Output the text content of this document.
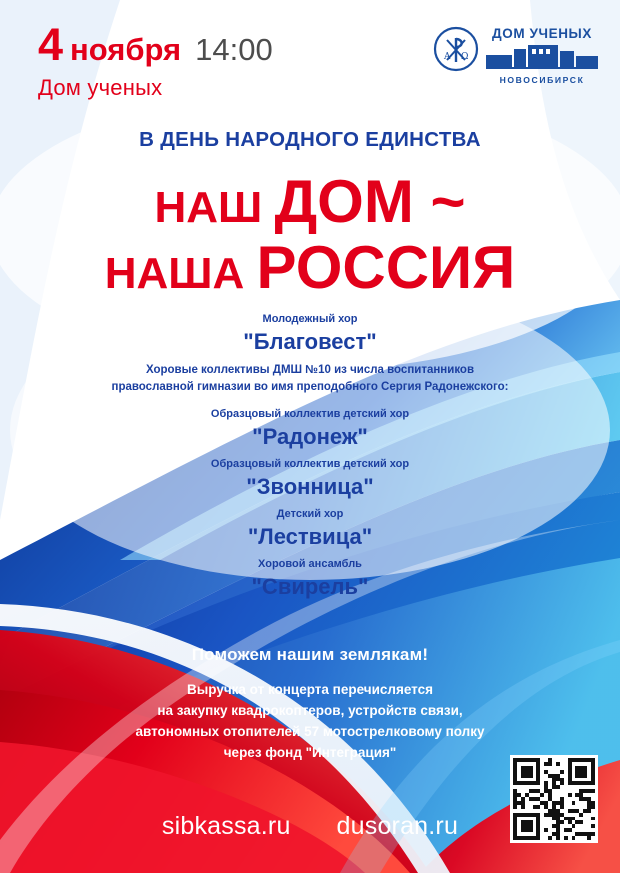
4 ноября 14:00
Дом ученых
A Ω
ДОМ УЧЕНЫХ
НОВОСИБИРСК
В ДЕНЬ НАРОДНОГО ЕДИНСТВА
НАШ ДОМ ~
НАША РОССИЯ

Молодежный хор

"Благовест"

Хоровые коллективы ДМШ №10 из числа воспитанников
православной гимназии во имя преподобного Сергия Радонежского:

Образцовый коллектив детский хор

"Радонеж"

Образцовый коллектив детский хор

"Звонница"

Детский хор

"Лествица"

Хоровой ансамбль

"Свирель"

Поможем нашим землякам!
Выручка от концерта перечисляется
на закупку квадрокоптеров, устройств связи,
автономных отопителей 57 мотострелковому полку
через фонд "Интеграция"
sibkassa.ru dusoran.ru
